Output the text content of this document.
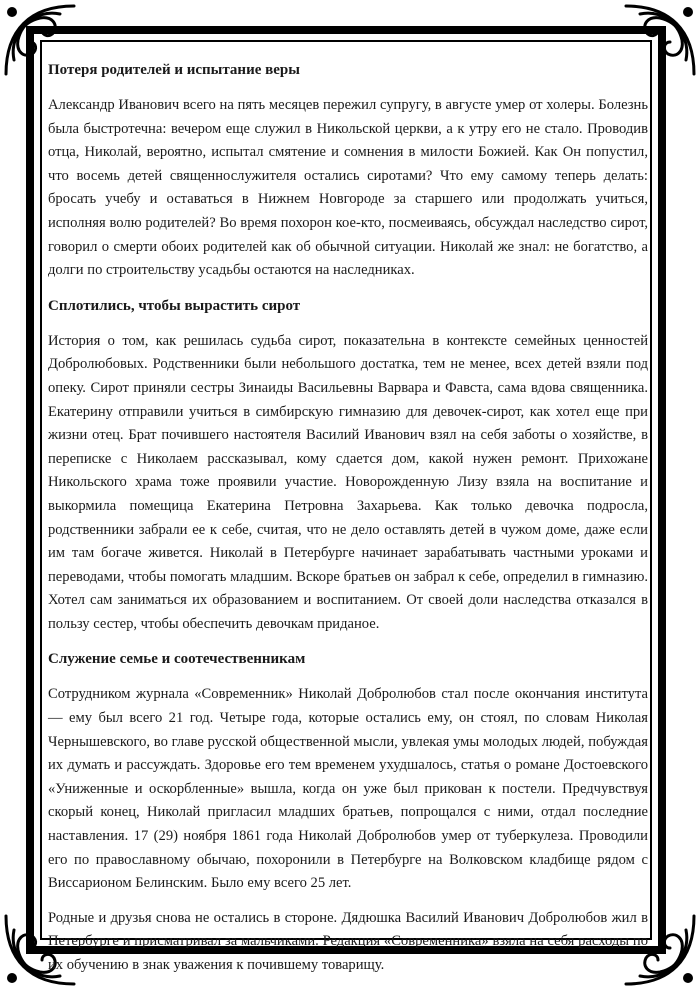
Потеря родителей и испытание веры

Александр Иванович всего на пять месяцев пережил супругу, в августе умер от холеры. Болезнь была быстротечна: вечером еще служил в Никольской церкви, а к утру его не стало. Проводив отца, Николай, вероятно, испытал смятение и сомнения в милости Божией. Как Он попустил, что восемь детей священнослужителя остались сиротами? Что ему самому теперь делать: бросать учебу и оставаться в Нижнем Новгороде за старшего или продолжать учиться, исполняя волю родителей? Во время похорон кое-кто, посмеиваясь, обсуждал наследство сирот, говорил о смерти обоих родителей как об обычной ситуации. Николай же знал: не богатство, а долги по строительству усадьбы остаются на наследниках.

Сплотились, чтобы вырастить сирот

История о том, как решилась судьба сирот, показательна в контексте семейных ценностей Добролюбовых. Родственники были небольшого достатка, тем не менее, всех детей взяли под опеку. Сирот приняли сестры Зинаиды Васильевны Варвара и Фавста, сама вдова священника. Екатерину отправили учиться в симбирскую гимназию для девочек-сирот, как хотел еще при жизни отец. Брат почившего настоятеля Василий Иванович взял на себя заботы о хозяйстве, в переписке с Николаем рассказывал, кому сдается дом, какой нужен ремонт. Прихожане Никольского храма тоже проявили участие. Новорожденную Лизу взяла на воспитание и выкормила помещица Екатерина Петровна Захарьева. Как только девочка подросла, родственники забрали ее к себе, считая, что не дело оставлять детей в чужом доме, даже если им там богаче живется. Николай в Петербурге начинает зарабатывать частными уроками и переводами, чтобы помогать младшим. Вскоре братьев он забрал к себе, определил в гимназию. Хотел сам заниматься их образованием и воспитанием. От своей доли наследства отказался в пользу сестер, чтобы обеспечить девочкам приданое.

Служение семье и соотечественникам

Сотрудником журнала «Современник» Николай Добролюбов стал после окончания института — ему был всего 21 год. Четыре года, которые остались ему, он стоял, по словам Николая Чернышевского, во главе русской общественной мысли, увлекая умы молодых людей, побуждая их думать и рассуждать. Здоровье его тем временем ухудшалось, статья о романе Достоевского «Униженные и оскорбленные» вышла, когда он уже был прикован к постели. Предчувствуя скорый конец, Николай пригласил младших братьев, попрощался с ними, отдал последние наставления. 17 (29) ноября 1861 года Николай Добролюбов умер от туберкулеза. Проводили его по православному обычаю, похоронили в Петербурге на Волковском кладбище рядом с Виссарионом Белинским. Было ему всего 25 лет.

Родные и друзья снова не остались в стороне. Дядюшка Василий Иванович Добролюбов жил в Петербурге и присматривал за мальчиками. Редакция «Современника» взяла на себя расходы по их обучению в знак уважения к почившему товарищу.
